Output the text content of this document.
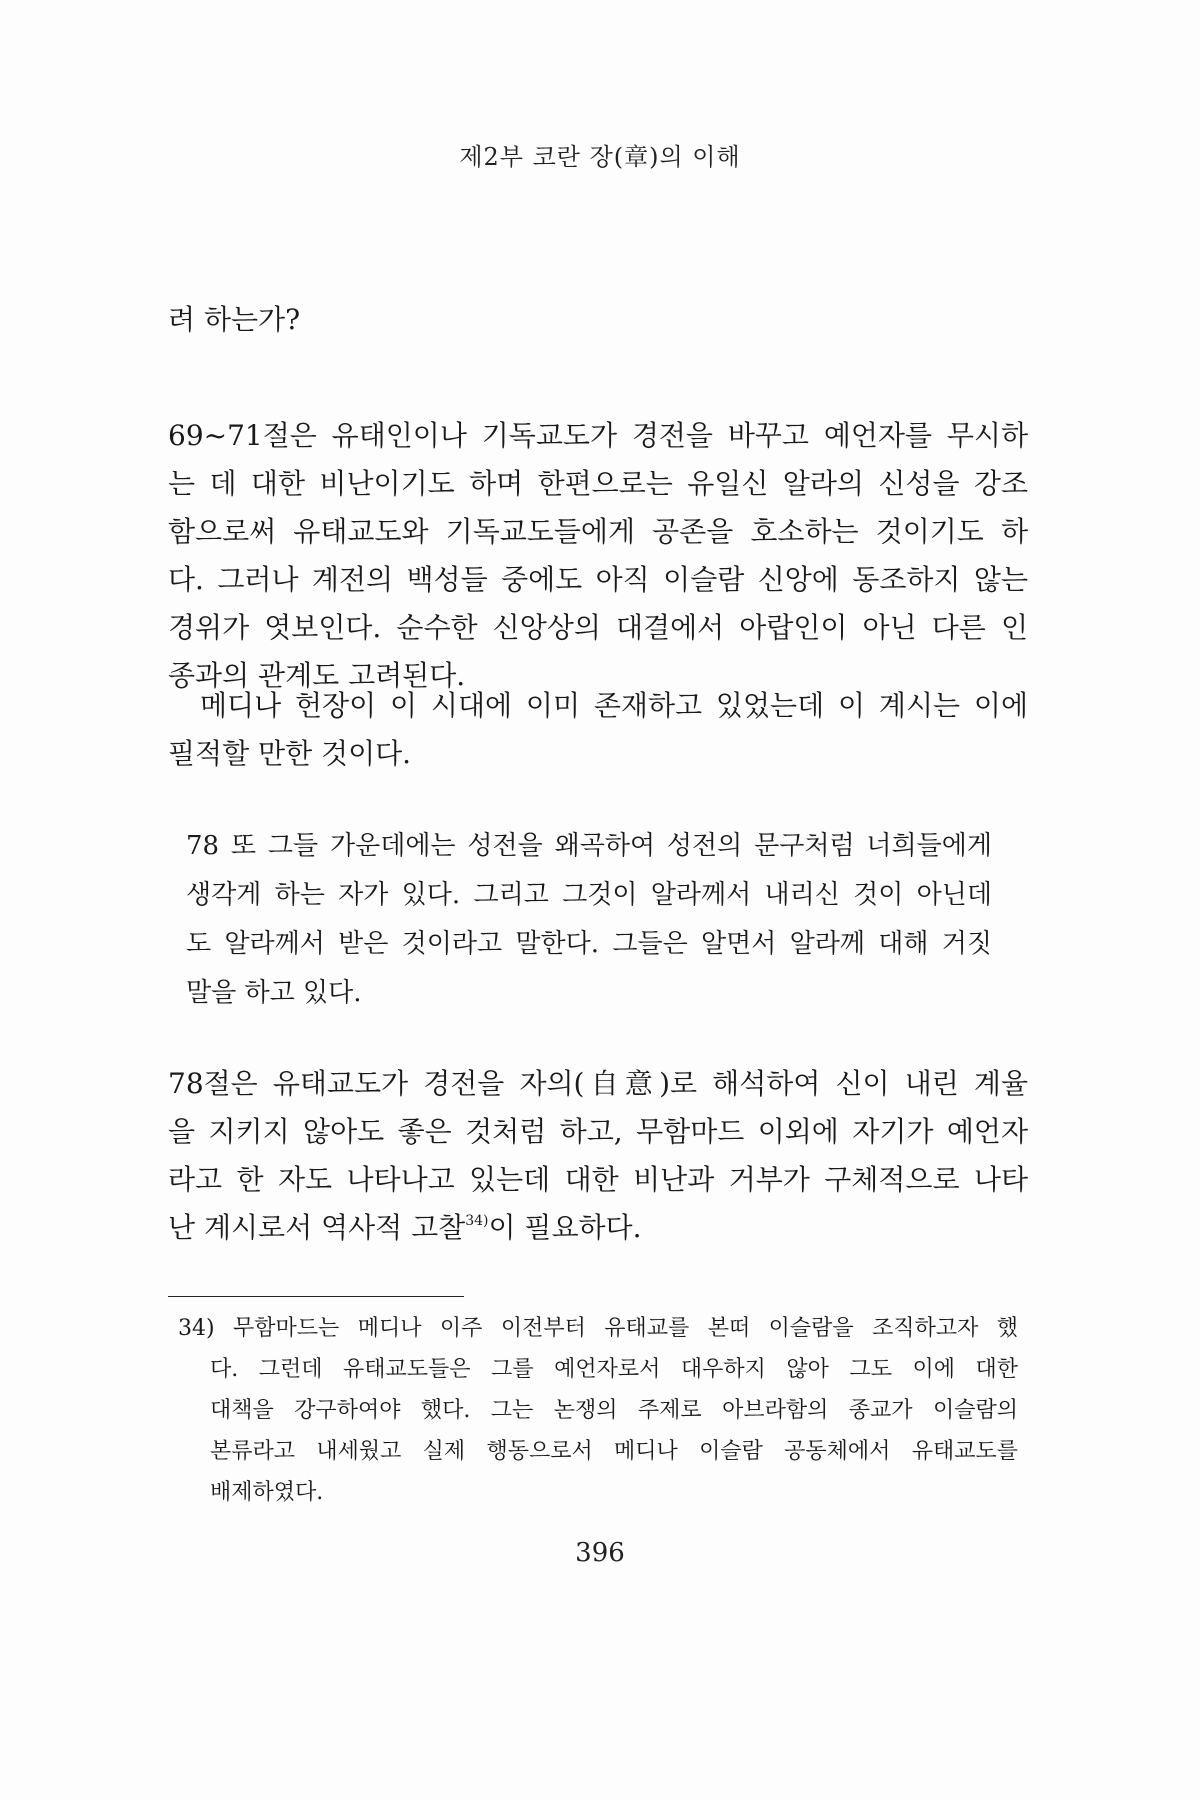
제2부 코란 장(章)의 이해
려 하는가?
69~71절은 유태인이나 기독교도가 경전을 바꾸고 예언자를 무시하
는 데 대한 비난이기도 하며 한편으로는 유일신 알라의 신성을 강조
함으로써 유태교도와 기독교도들에게 공존을 호소하는 것이기도 하
다. 그러나 계전의 백성들 중에도 아직 이슬람 신앙에 동조하지 않는
경위가 엿보인다. 순수한 신앙상의 대결에서 아랍인이 아닌 다른 인
종과의 관계도 고려된다.
메디나 헌장이 이 시대에 이미 존재하고 있었는데 이 계시는 이에
필적할 만한 것이다.
78 또 그들 가운데에는 성전을 왜곡하여 성전의 문구처럼 너희들에게
생각게 하는 자가 있다. 그리고 그것이 알라께서 내리신 것이 아닌데
도 알라께서 받은 것이라고 말한다. 그들은 알면서 알라께 대해 거짓
말을 하고 있다.
78절은 유태교도가 경전을 자의(自意)로 해석하여 신이 내린 계율
을 지키지 않아도 좋은 것처럼 하고, 무함마드 이외에 자기가 예언자
라고 한 자도 나타나고 있는데 대한 비난과 거부가 구체적으로 나타
난 계시로서 역사적 고찰$^{34)}$이 필요하다.
34) 무함마드는 메디나 이주 이전부터 유태교를 본떠 이슬람을 조직하고자 했
다. 그런데 유태교도들은 그를 예언자로서 대우하지 않아 그도 이에 대한
대책을 강구하여야 했다. 그는 논쟁의 주제로 아브라함의 종교가 이슬람의
본류라고 내세웠고 실제 행동으로서 메디나 이슬람 공동체에서 유태교도를
배제하였다.
396
